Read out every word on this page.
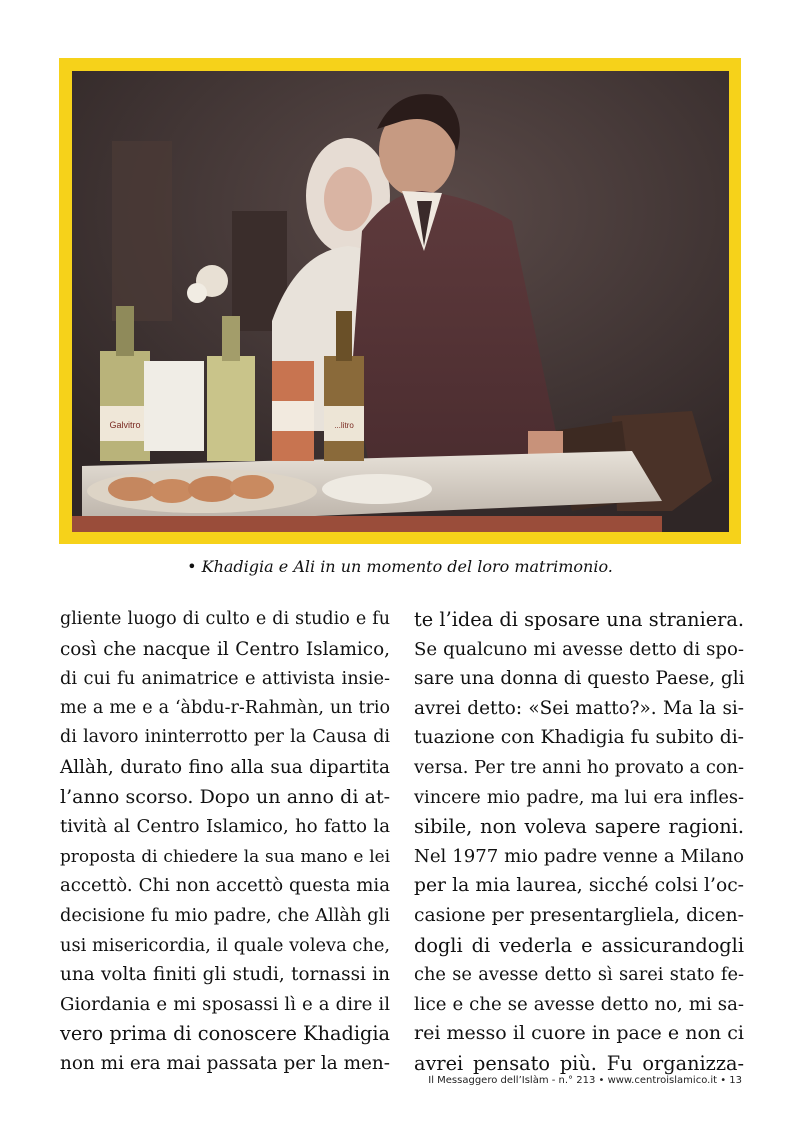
Galvitro	...litro
• Khadigia e Ali in un momento del loro matrimonio.
gliente luogo di culto e di studio e fu
così che nacque il Centro Islamico,
di cui fu animatrice e attivista insie-
me a me e a ‘àbdu-r-Rahmàn, un trio
di lavoro ininterrotto per la Causa di
Allàh, durato fino alla sua dipartita
l’anno scorso. Dopo un anno di at-
tività al Centro Islamico, ho fatto la
proposta di chiedere la sua mano e lei
accettò. Chi non accettò questa mia
decisione fu mio padre, che Allàh gli
usi misericordia, il quale voleva che,
una volta finiti gli studi, tornassi in
Giordania e mi sposassi lì e a dire il
vero prima di conoscere Khadigia
non mi era mai passata per la men-
te l’idea di sposare una straniera.
Se qualcuno mi avesse detto di spo-
sare una donna di questo Paese, gli
avrei detto: «Sei matto?». Ma la si-
tuazione con Khadigia fu subito di-
versa. Per tre anni ho provato a con-
vincere mio padre, ma lui era infles-
sibile, non voleva sapere ragioni.
Nel 1977 mio padre venne a Milano
per la mia laurea, sicché colsi l’oc-
casione per presentargliela, dicen-
dogli di vederla e assicurandogli
che se avesse detto sì sarei stato fe-
lice e che se avesse detto no, mi sa-
rei messo il cuore in pace e non ci
avrei pensato più. Fu organizza-
Il Messaggero dell’Islàm - n.° 213 • www.centroislamico.it • 13
